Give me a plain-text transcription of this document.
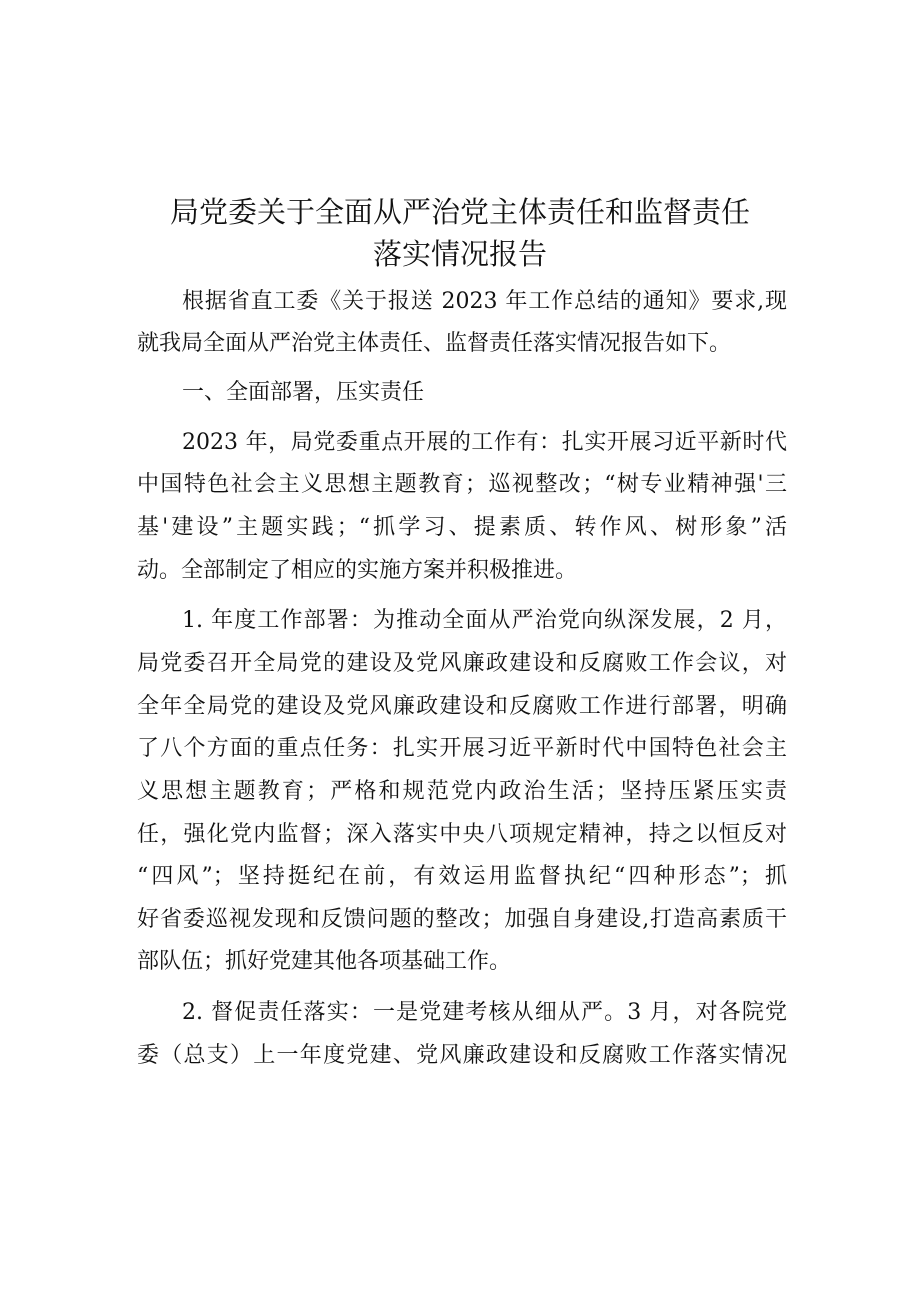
局党委关于全面从严治党主体责任和监督责任
落实情况报告
根据省直工委《关于报送 2023 年工作总结的通知》要求,现
就我局全面从严治党主体责任、监督责任落实情况报告如下。
一、全面部署，压实责任
2023 年，局党委重点开展的工作有：扎实开展习近平新时代
中国特色社会主义思想主题教育；巡视整改；“树专业精神强'三
基'建设”主题实践；“抓学习、提素质、转作风、树形象”活
动。全部制定了相应的实施方案并积极推进。
1. 年度工作部署：为推动全面从严治党向纵深发展，2 月，
局党委召开全局党的建设及党风廉政建设和反腐败工作会议，对
全年全局党的建设及党风廉政建设和反腐败工作进行部署，明确
了八个方面的重点任务：扎实开展习近平新时代中国特色社会主
义思想主题教育；严格和规范党内政治生活；坚持压紧压实责
任，强化党内监督；深入落实中央八项规定精神，持之以恒反对
“四风”；坚持挺纪在前，有效运用监督执纪“四种形态”；抓
好省委巡视发现和反馈问题的整改；加强自身建设,打造高素质干
部队伍；抓好党建其他各项基础工作。
2. 督促责任落实：一是党建考核从细从严。3 月，对各院党
委（总支）上一年度党建、党风廉政建设和反腐败工作落实情况
